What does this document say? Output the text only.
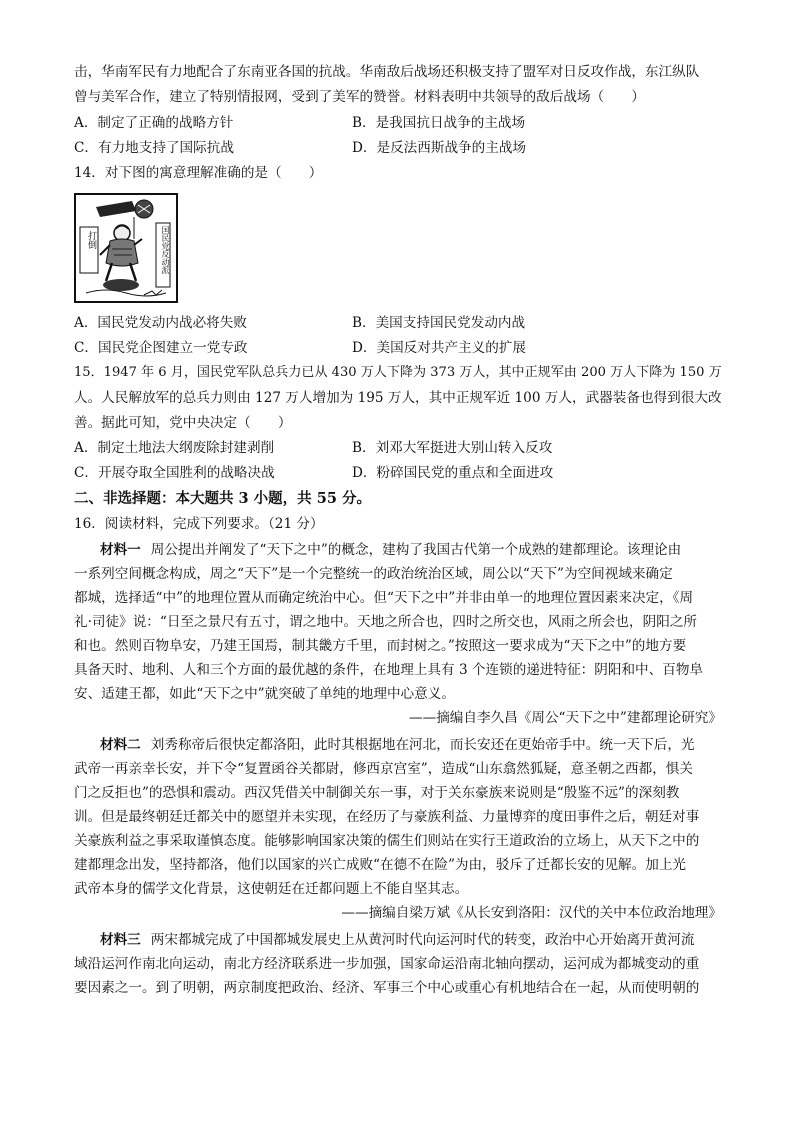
击，华南军民有力地配合了东南亚各国的抗战。华南敌后战场还积极支持了盟军对日反攻作战，东江纵队
曾与美军合作，建立了特别情报网，受到了美军的赞誉。材料表明中共领导的敌后战场（　　）
A．制定了正确的战略方针	B．是我国抗日战争的主战场
C．有力地支持了国际抗战	D．是反法西斯战争的主战场
14．对下图的寓意理解准确的是（　　）
打倒	国民党反动派
A．国民党发动内战必将失败	B．美国支持国民党发动内战
C．国民党企图建立一党专政	D．美国反对共产主义的扩展
15．1947 年 6 月，国民党军队总兵力已从 430 万人下降为 373 万人，其中正规军由 200 万人下降为 150 万
人。人民解放军的总兵力则由 127 万人增加为 195 万人，其中正规军近 100 万人，武器装备也得到很大改
善。据此可知，党中央决定（　　）
A．制定土地法大纲废除封建剥削	B．刘邓大军挺进大别山转入反攻
C．开展夺取全国胜利的战略决战	D．粉碎国民党的重点和全面进攻
二、非选择题：本大题共 3 小题，共 55 分。
16．阅读材料，完成下列要求。（21 分）
材料一 周公提出并阐发了“天下之中”的概念，建构了我国古代第一个成熟的建都理论。该理论由
一系列空间概念构成，周之“天下”是一个完整统一的政治统治区域，周公以“天下”为空间视域来确定
都城，选择适“中”的地理位置从而确定统治中心。但“天下之中”并非由单一的地理位置因素来决定，《周
礼·司徒》说：“日至之景尺有五寸，谓之地中。天地之所合也，四时之所交也，风雨之所会也，阴阳之所
和也。然则百物阜安，乃建王国焉，制其畿方千里，而封树之。”按照这一要求成为“天下之中”的地方要
具备天时、地利、人和三个方面的最优越的条件，在地理上具有 3 个连锁的递进特征：阴阳和中、百物阜
安、适建王都，如此“天下之中”就突破了单纯的地理中心意义。
——摘编自李久昌《周公“天下之中”建都理论研究》
材料二 刘秀称帝后很快定都洛阳，此时其根据地在河北，而长安还在更始帝手中。统一天下后，光
武帝一再亲幸长安，并下令“复置函谷关都尉，修西京宫室”，造成“山东翕然狐疑，意圣朝之西都，惧关
门之反拒也”的恐惧和震动。西汉凭借关中制御关东一事，对于关东豪族来说则是“殷鉴不远”的深刻教
训。但是最终朝廷迁都关中的愿望并未实现，在经历了与豪族利益、力量博弈的度田事件之后，朝廷对事
关豪族利益之事采取谨慎态度。能够影响国家决策的儒生们则站在实行王道政治的立场上，从天下之中的
建都理念出发，坚持都洛，他们以国家的兴亡成败“在德不在险”为由，驳斥了迁都长安的见解。加上光
武帝本身的儒学文化背景，这使朝廷在迁都问题上不能自坚其志。
——摘编自梁万斌《从长安到洛阳：汉代的关中本位政治地理》
材料三 两宋都城完成了中国都城发展史上从黄河时代向运河时代的转变，政治中心开始离开黄河流
域沿运河作南北向运动，南北方经济联系进一步加强，国家命运沿南北轴向摆动，运河成为都城变动的重
要因素之一。到了明朝，两京制度把政治、经济、军事三个中心或重心有机地结合在一起，从而使明朝的
